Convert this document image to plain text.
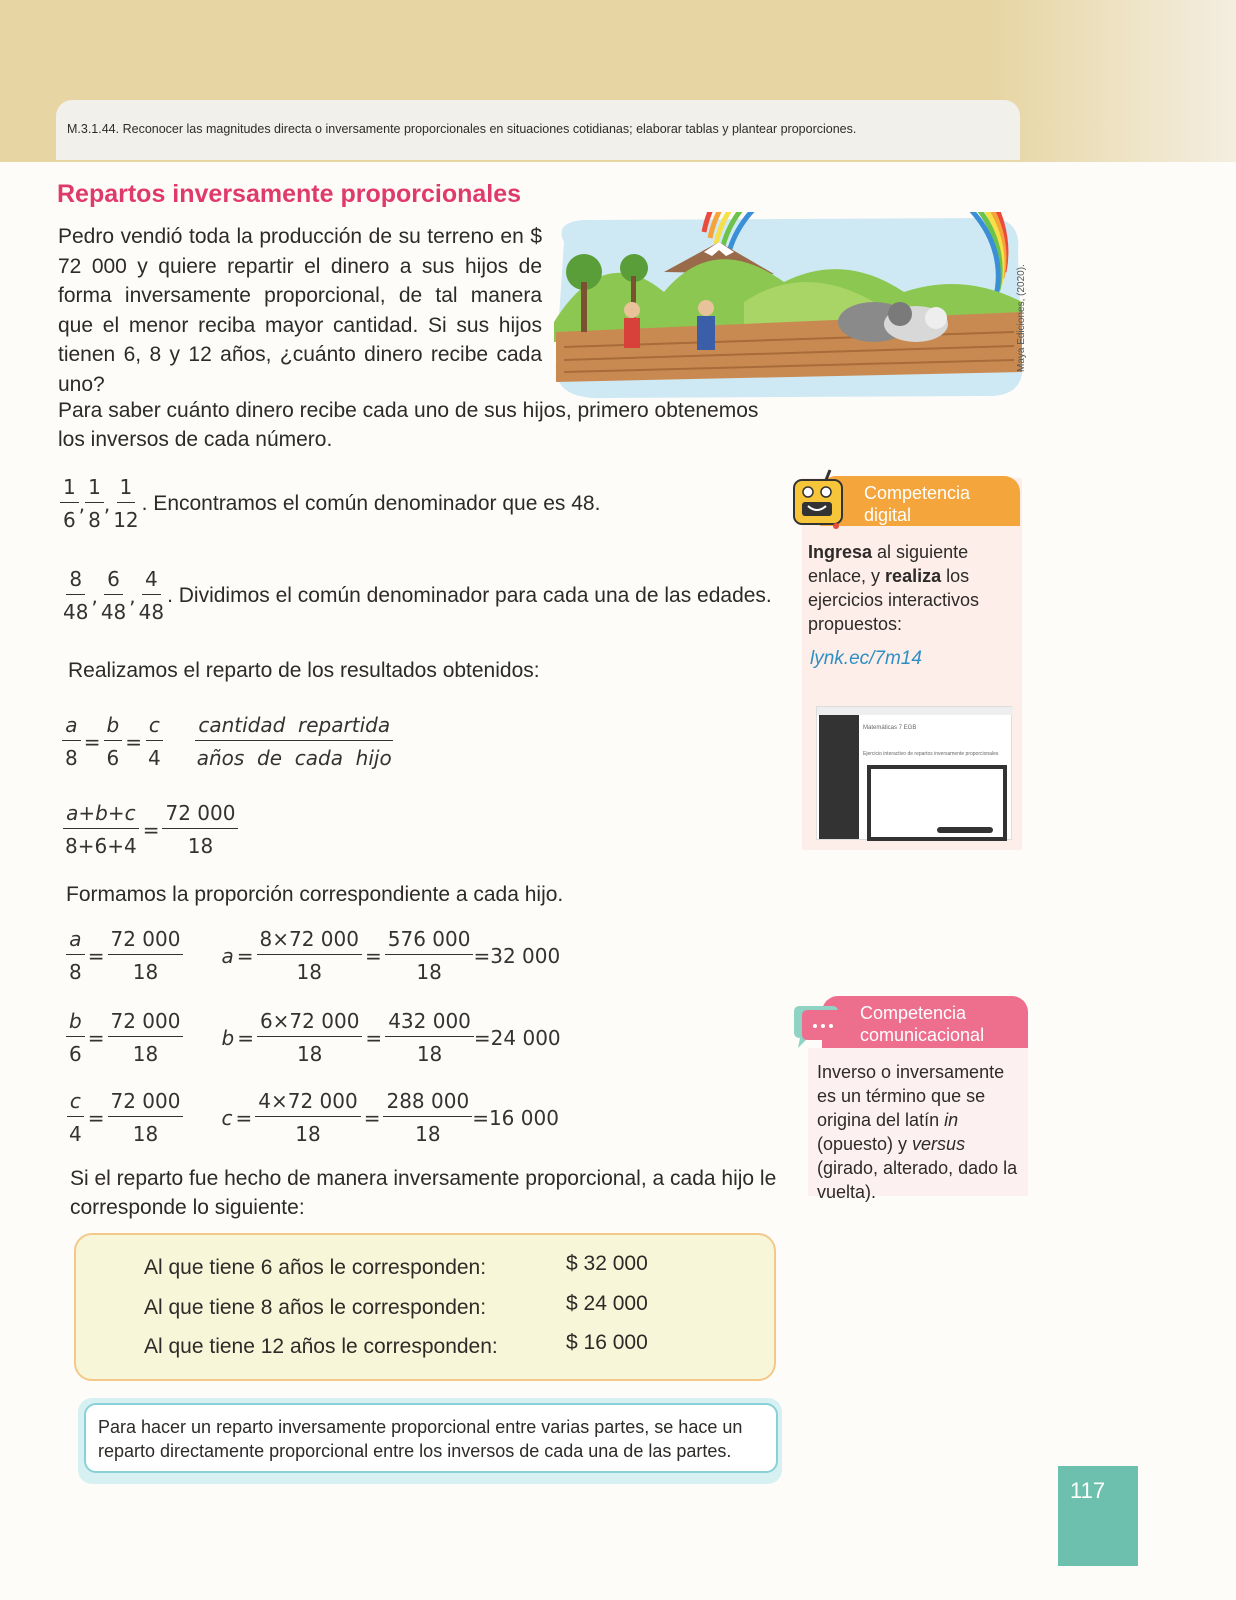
M.3.1.44. Reconocer las magnitudes directa o inversamente proporcionales en situaciones cotidianas; elaborar tablas y plantear proporciones.
Repartos inversamente proporcionales
Pedro vendió toda la producción de su terreno en $ 72 000 y quiere repartir el dinero a sus hijos de forma inversamente proporcional, de tal manera que el menor reciba mayor cantidad. Si sus hijos tienen 6, 8 y 12 años, ¿cuánto dinero recibe cada uno?
Maya Ediciones, (2020).
Para saber cuánto dinero recibe cada uno de sus hijos, primero obtenemos los inversos de cada número.
$\frac{1}{6}$ , $\frac{1}{8}$ , $\frac{1}{12}$ . Encontramos el común denominador que es 48.
$\frac{8}{48}$ , $\frac{6}{48}$ , $\frac{4}{48}$ . Dividimos el común denominador para cada una de las edades.
Realizamos el reparto de los resultados obtenidos:
$\frac{a}{8} = \frac{b}{6} = \frac{c}{4} \frac{\text{cantidad  repartida}}{\text{años  de  cada  hijo}}$
$\frac{a+b+c}{8+6+4} = \frac{72 000}{18}$
Formamos la proporción correspondiente a cada hijo.
$\frac{a}{8} = \frac{72 000}{18}$ $a = \frac{8\times 72 000}{18} = \frac{576 000}{18} =32$ 000
$\frac{b}{6} = \frac{72 000}{18}$ $b = \frac{6\times 72 000}{18} = \frac{432 000}{18} =24$ 000
$\frac{c}{4} = \frac{72 000}{18}$ $c = \frac{4\times 72 000}{18} = \frac{288 000}{18} =16$ 000
Si el reparto fue hecho de manera inversamente proporcional, a cada hijo le corresponde lo siguiente:
Al que tiene 6 años le corresponden:	$ 32 000
Al que tiene 8 años le corresponden:	$ 24 000
Al que tiene 12 años le corresponden:	$ 16 000
Para hacer un reparto inversamente proporcional entre varias partes, se hace un reparto directamente proporcional entre los inversos de cada una de las partes.
Competencia
digital
Ingresa al siguiente enlace, y realiza los ejercicios interactivos propuestos:
lynk.ec/7m14
Matemáticas 7 EGB
Ejercicio interactivo de repartos inversamente proporcionales
Competencia
comunicacional
Inverso o inversamente es un término que se origina del latín in (opuesto) y versus (girado, alterado, dado la vuelta).
117
